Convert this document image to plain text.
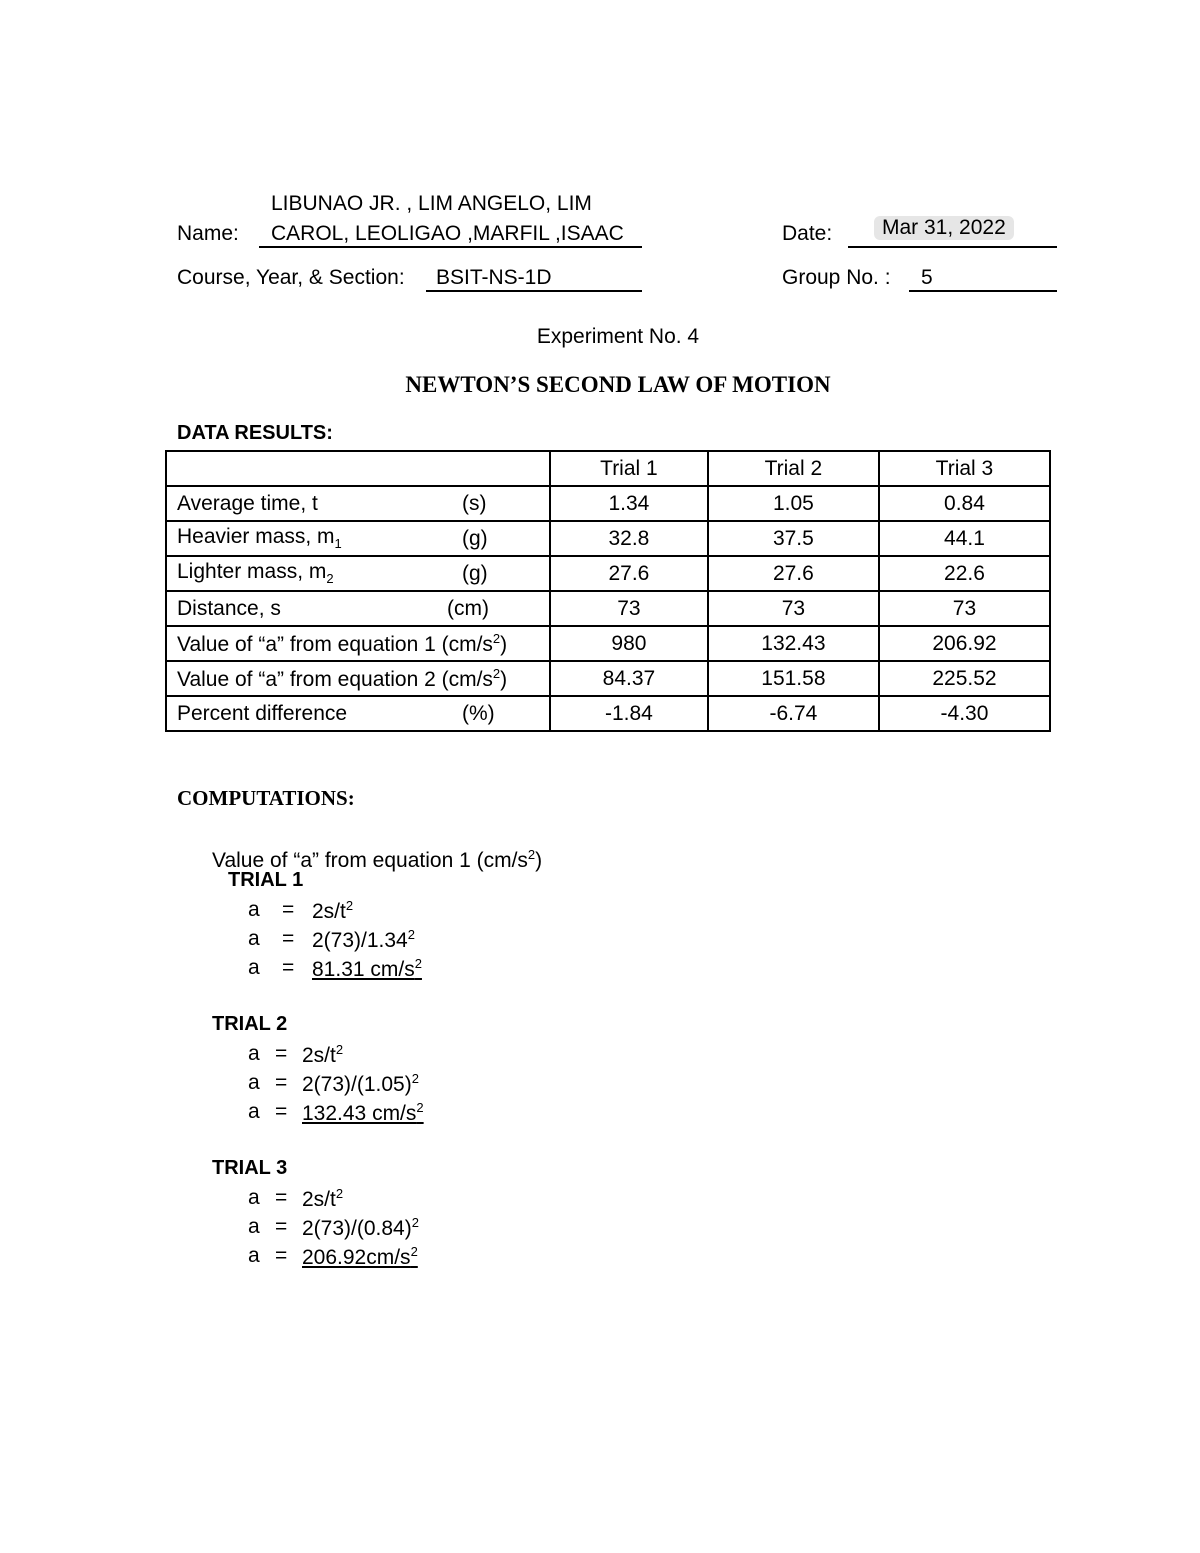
LIBUNAO JR. , LIM ANGELO, LIM
Name:	CAROL, LEOLIGAO ,MARFIL ,ISAAC	Date:	Mar 31, 2022
Course, Year, & Section:	BSIT-NS-1D	Group No. :	5
Experiment No. 4
NEWTON’S SECOND LAW OF MOTION
DATA RESULTS:
	Trial 1	Trial 2	Trial 3
Average time, t (s)	1.34	1.05	0.84
Heavier mass, $m_1$ (g)	32.8	37.5	44.1
Lighter mass, $m_2$ (g)	27.6	27.6	22.6
Distance, s (cm)	73	73	73
Value of “a” from equation 1 $(cm/s^2)$	980	132.43	206.92
Value of “a” from equation 2 $(cm/s^2)$	84.37	151.58	225.52
Percent difference (%)	-1.84	-6.74	-4.30
COMPUTATIONS:
Value of “a” from equation 1 $(cm/s^2)$
TRIAL 1
$a = 2s/t^2$
$a = 2(73)/1.34^2$
a = 81.31 $cm/s^2$
TRIAL 2
$a = 2s/t^2$
$a = 2(73)/(1.05)^2$
a = 132.43 $cm/s^2$
TRIAL 3
$a = 2s/t^2$
$a = 2(73)/(0.84)^2$
$a = 206.92cm/s^2$
